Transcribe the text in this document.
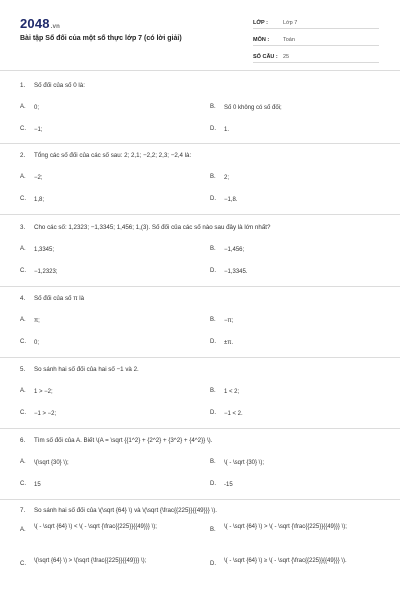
2048.vn
Bài tập Số đối của một số thực lớp 7 (có lời giải)
LỚP :	Lớp 7
MÔN :	Toán
SỐ CÂU : 25
1.	Số đối của số 0 là:
A.	0;	B.	Số 0 không có số đối;
C.	−1;	D.	1.
2.	Tổng các số đối của các số sau: 2; 2,1; −2,2; 2,3; −2,4 là:
A.	−2;	B.	2;
C.	1,8;	D.	−1,8.
3.	Cho các số: 1,2323; −1,3345; 1,456; 1,(3). Số đối của các số nào sau đây là lớn nhất?
A.	1,3345;	B.	−1,456;
C.	−1,2323;	D.	−1,3345.
4.	Số đối của số π là
A.	π;	B.	−π;
C.	0;	D.	±π.
5.	So sánh hai số đối của hai số −1 và 2.
A.	1 > −2;	B.	1 < 2;
C.	−1 > −2;	D.	−1 < 2.
6.	Tìm số đối của A. Biết \(A = \sqrt {{1^2} + {2^2} + {3^2} + {4^2}} \).
A.	\(\sqrt {30} \);	B.	\( - \sqrt {30} \);
C.	15	D.	-15
7.	So sánh hai số đối của \(\sqrt {64} \) và \(\sqrt {\frac{{225}}{{49}}} \).
A.	\( - \sqrt {64} \) < \( - \sqrt {\frac{{225}}{{49}}} \);	B.	\( - \sqrt {64} \) > \( - \sqrt {\frac{{225}}{{49}}} \);
C.	\(\sqrt {64} \) > \(\sqrt {\frac{{225}}{{49}}} \);	D.	\( - \sqrt {64} \) ≥ \( - \sqrt {\frac{{225}}{{49}}} \).
